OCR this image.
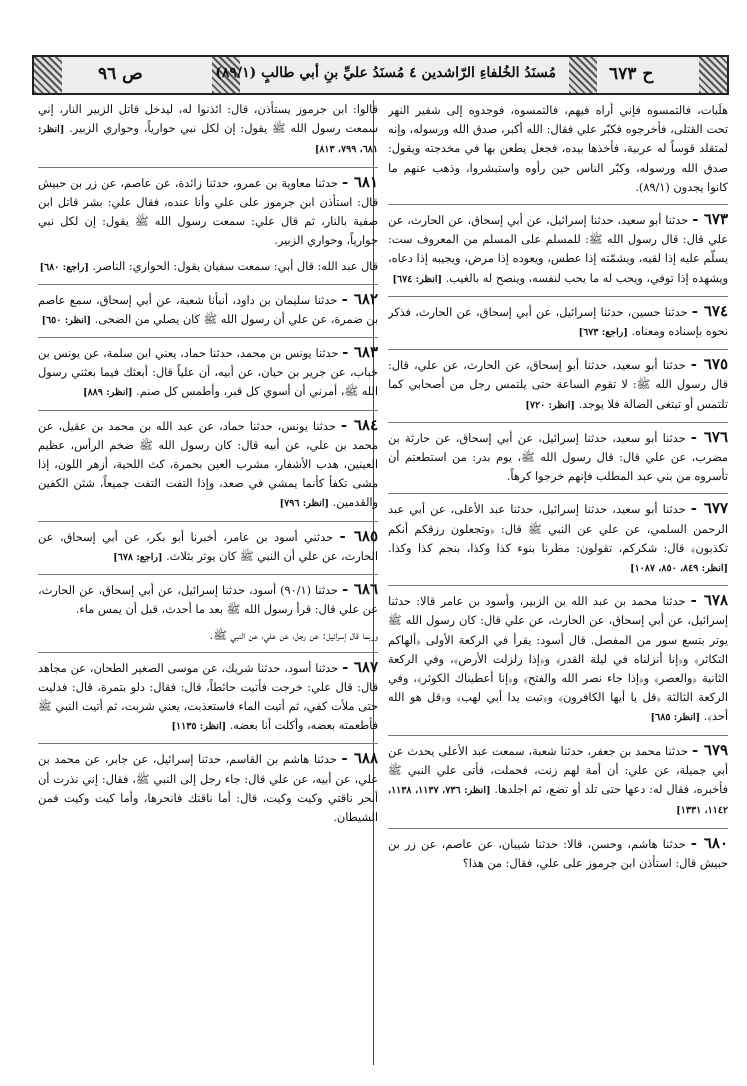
ص ٩٦	مُسنَدُ الخُلفاءِ الرّاشدين ٤ مُسنَدُ عليِّ بنِ أبي طالبٍ (٨٩/١)	ح ٦٧٣

هلَبات، فالتمسوه فإني أراه فيهم، فالتمسوه، فوجدوه إلى شفير النهر تحت القتلى، فأخرجوه فكبّر علي فقال: الله أكبر، صدق الله ورسوله، وإنه لمتقلد قوساً له عربية، فأخذها بيده، فجعل يطعن بها في مخدجته ويقول: صدق الله ورسوله، وكبّر الناس حين رأوه واستبشروا، وذهب عنهم ما كانوا يجدون (٨٩/١).

٦٧٣ - حدثنا أبو سعيد، حدثنا إسرائيل، عن أبي إسحاق، عن الحارث، عن علي قال: قال رسول الله ﷺ: للمسلم على المسلم من المعروف ست: يسلّم عليه إذا لقيه، ويشمّته إذا عطس، ويعوده إذا مرض، ويجيبه إذا دعاه، ويشهده إذا توفي، ويحب له ما يحب لنفسه، وينصح له بالغيب. [انظر: ٦٧٤]

٦٧٤ - حدثنا حسين، حدثنا إسرائيل، عن أبي إسحاق، عن الحارث، فذكر نحوه بإسناده ومعناه. [راجع: ٦٧٣]

٦٧٥ - حدثنا أبو سعيد، حدثنا أبو إسحاق، عن الحارث، عن علي، قال: قال رسول الله ﷺ: لا تقوم الساعة حتى يلتمس رجل من أصحابي كما تلتمس أو تبتغى الضالة فلا يوجد. [انظر: ٧٢٠]

٦٧٦ - حدثنا أبو سعيد، حدثنا إسرائيل، عن أبي إسحاق، عن حارثة بن مضرب، عن علي قال: قال رسول الله ﷺ، يوم بدر: من استطعتم أن تأسروه من بني عبد المطلب فإنهم خرجوا كرهاً.

٦٧٧ - حدثنا أبو سعيد، حدثنا إسرائيل، حدثنا عبد الأعلى، عن أبي عبد الرحمن السلمي، عن علي عن النبي ﷺ قال: ﴿وتجعلون رزقكم أنكم تكذبون﴾ قال: شكركم، تقولون: مطرنا بنوء كذا وكذا، بنجم كذا وكذا. [انظر: ٨٤٩، ٨٥٠، ١٠٨٧]

٦٧٨ - حدثنا محمد بن عبد الله بن الزبير، وأسود بن عامر قالا: حدثنا إسرائيل، عن أبي إسحاق، عن الحارث، عن علي قال: كان رسول الله ﷺ يوتر بتسع سور من المفصل. قال أسود: يقرأ في الركعة الأولى ﴿ألهاكم التكاثر﴾ و﴿إنا أنزلناه في ليلة القدر﴾ و﴿إذا زلزلت الأرض﴾، وفي الركعة الثانية ﴿والعصر﴾ و﴿إذا جاء نصر الله والفتح﴾ و﴿إنا أعطيناك الكوثر﴾، وفي الركعة الثالثة ﴿قل يا أيها الكافرون﴾ و﴿تبت يدا أبي لهب﴾ و﴿قل هو الله أحد﴾. [انظر: ٦٨٥]

٦٧٩ - حدثنا محمد بن جعفر، حدثنا شعبة، سمعت عبد الأعلى يحدث عن أبي جميلة، عن علي: أن أمة لهم زنت، فحملت، فأتى علي النبي ﷺ فأخبره، فقال له: دعها حتى تلد أو تضع، ثم اجلدها. [انظر: ٧٣٦، ١١٣٧، ١١٣٨، ١١٤٢، ١٣٣١]

٦٨٠ - حدثنا هاشم، وحسن، قالا: حدثنا شيبان، عن عاصم، عن زر بن حبيش قال: استأذن ابن جرموز على علي، فقال: من هذا؟

قالوا: ابن جرموز يستأذن، قال: ائذنوا له، ليدخل قاتل الزبير النار، إني سمعت رسول الله ﷺ يقول: إن لكل نبي حوارياً، وحواري الزبير. [انظر: ٦٨١، ٧٩٩، ٨١٣]

٦٨١ - حدثنا معاوية بن عمرو، حدثنا زائدة، عن عاصم، عن زر بن حبيش قال: استأذن ابن جرموز على علي وأنا عنده، فقال علي: بشر قاتل ابن صفية بالنار، ثم قال علي: سمعت رسول الله ﷺ يقول: إن لكل نبي حوارياً، وحواري الزبير.

قال عبد الله: قال أبي: سمعت سفيان يقول: الحواري: الناصر. [راجع: ٦٨٠]

٦٨٢ - حدثنا سليمان بن داود، أنبأنا شعبة، عن أبي إسحاق، سمع عاصم بن ضمرة، عن علي أن رسول الله ﷺ كان يصلي من الضحى. [انظر: ٦٥٠]

٦٨٣ - حدثنا يونس بن محمد، حدثنا حماد، يعني ابن سلمة، عن يونس بن خباب، عن جرير بن حيان، عن أبيه، أن علياً قال: أبعثك فيما بعثني رسول الله ﷺ، أمرني أن أسوي كل قبر، وأطمس كل صنم. [انظر: ٨٨٩]

٦٨٤ - حدثنا يونس، حدثنا حماد، عن عبد الله بن محمد بن عقيل، عن محمد بن علي، عن أبيه قال: كان رسول الله ﷺ ضخم الرأس، عظيم العينين، هدب الأشفار، مشرب العين بحمرة، كث اللحية، أزهر اللون، إذا مشى تكفأ كأنما يمشي في صعد، وإذا التفت التفت جميعاً، شثن الكفين والقدمين. [انظر: ٧٩٦]

٦٨٥ - حدثني أسود بن عامر، أخبرنا أبو بكر، عن أبي إسحاق، عن الحارث، عن علي أن النبي ﷺ كان يوتر بثلاث. [راجع: ٦٧٨]

٦٨٦ - حدثنا (٩٠/١) أسود، حدثنا إسرائيل، عن أبي إسحاق، عن الحارث، عن علي قال: قرأ رسول الله ﷺ بعد ما أحدث، قبل أن يمس ماء.

وربما قال إسرائيل: عن رجل، عن علي، عن النبي ﷺ.

٦٨٧ - حدثنا أسود، حدثنا شريك، عن موسى الصغير الطحان، عن مجاهد قال: قال علي: خرجت فأتيت حائطاً، قال: فقال: دلو بتمرة، قال: فدليت حتى ملأت كفي، ثم أتيت الماء فاستعذبت، يعني شربت، ثم أتيت النبي ﷺ فأطعمته بعضه، وأكلت أنا بعضه. [انظر: ١١٣٥]

٦٨٨ - حدثنا هاشم بن القاسم، حدثنا إسرائيل، عن جابر، عن محمد بن علي، عن أبيه، عن علي قال: جاء رجل إلى النبي ﷺ، فقال: إني نذرت أن أنحر ناقتي وكيت وكيت، قال: أما ناقتك فانحرها، وأما كيت وكيت فمن الشيطان.
